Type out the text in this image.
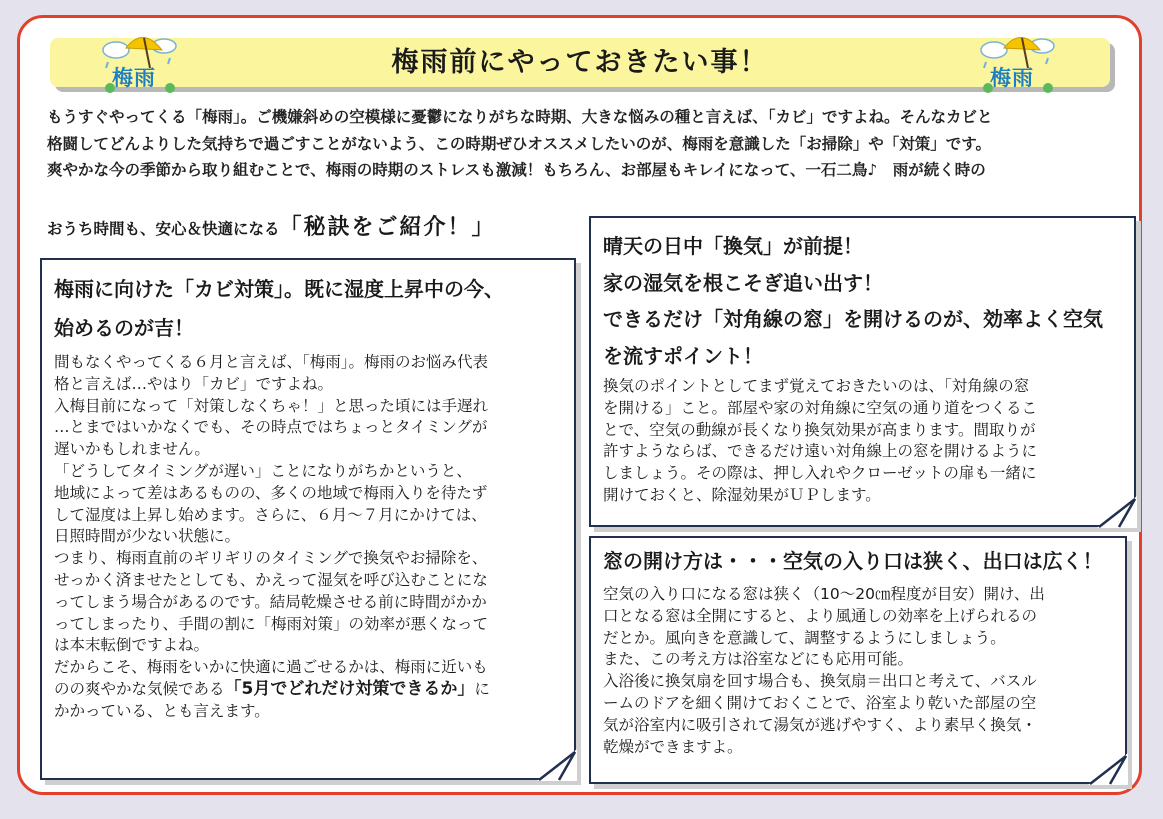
梅雨	梅雨前にやっておきたい事！	梅雨
もうすぐやってくる「梅雨」。ご機嫌斜めの空模様に憂鬱になりがちな時期、大きな悩みの種と言えば、「カビ」ですよね。そんなカビと
格闘してどんよりした気持ちで過ごすことがないよう、この時期ぜひオススメしたいのが、梅雨を意識した「お掃除」や「対策」です。
爽やかな今の季節から取り組むことで、梅雨の時期のストレスも激減！もちろん、お部屋もキレイになって、一石二鳥♪　雨が続く時の
おうち時間も、安心＆快適になる「秘訣をご紹介！」
梅雨に向けた「カビ対策」。既に湿度上昇中の今、
始めるのが吉！
間もなくやってくる６月と言えば、「梅雨」。梅雨のお悩み代表
格と言えば…やはり「カビ」ですよね。
入梅目前になって「対策しなくちゃ！」と思った頃には手遅れ
…とまではいかなくでも、その時点ではちょっとタイミングが
遅いかもしれません。
「どうしてタイミングが遅い」ことになりがちかというと、
地域によって差はあるものの、多くの地域で梅雨入りを待たず
して湿度は上昇し始めます。さらに、６月～７月にかけては、
日照時間が少ない状態に。
つまり、梅雨直前のギリギリのタイミングで換気やお掃除を、
せっかく済ませたとしても、かえって湿気を呼び込むことにな
ってしまう場合があるのです。結局乾燥させる前に時間がかか
ってしまったり、手間の割に「梅雨対策」の効率が悪くなって
は本末転倒ですよね。
だからこそ、梅雨をいかに快適に過ごせるかは、梅雨に近いも
のの爽やかな気候である「5月でどれだけ対策できるか」に
かかっている、とも言えます。
晴天の日中「換気」が前提！
家の湿気を根こそぎ追い出す！
できるだけ「対角線の窓」を開けるのが、効率よく空気
を流すポイント！
換気のポイントとしてまず覚えておきたいのは、「対角線の窓
を開ける」こと。部屋や家の対角線に空気の通り道をつくるこ
とで、空気の動線が長くなり換気効果が高まります。間取りが
許すようならば、できるだけ遠い対角線上の窓を開けるように
しましょう。その際は、押し入れやクローゼットの扉も一緒に
開けておくと、除湿効果がＵＰします。
窓の開け方は・・・空気の入り口は狭く、出口は広く！
空気の入り口になる窓は狭く（10～20㎝程度が目安）開け、出
口となる窓は全開にすると、より風通しの効率を上げられるの
だとか。風向きを意識して、調整するようにしましょう。
また、この考え方は浴室などにも応用可能。
入浴後に換気扇を回す場合も、換気扇＝出口と考えて、バスル
ームのドアを細く開けておくことで、浴室より乾いた部屋の空
気が浴室内に吸引されて湯気が逃げやすく、より素早く換気・
乾燥ができますよ。
